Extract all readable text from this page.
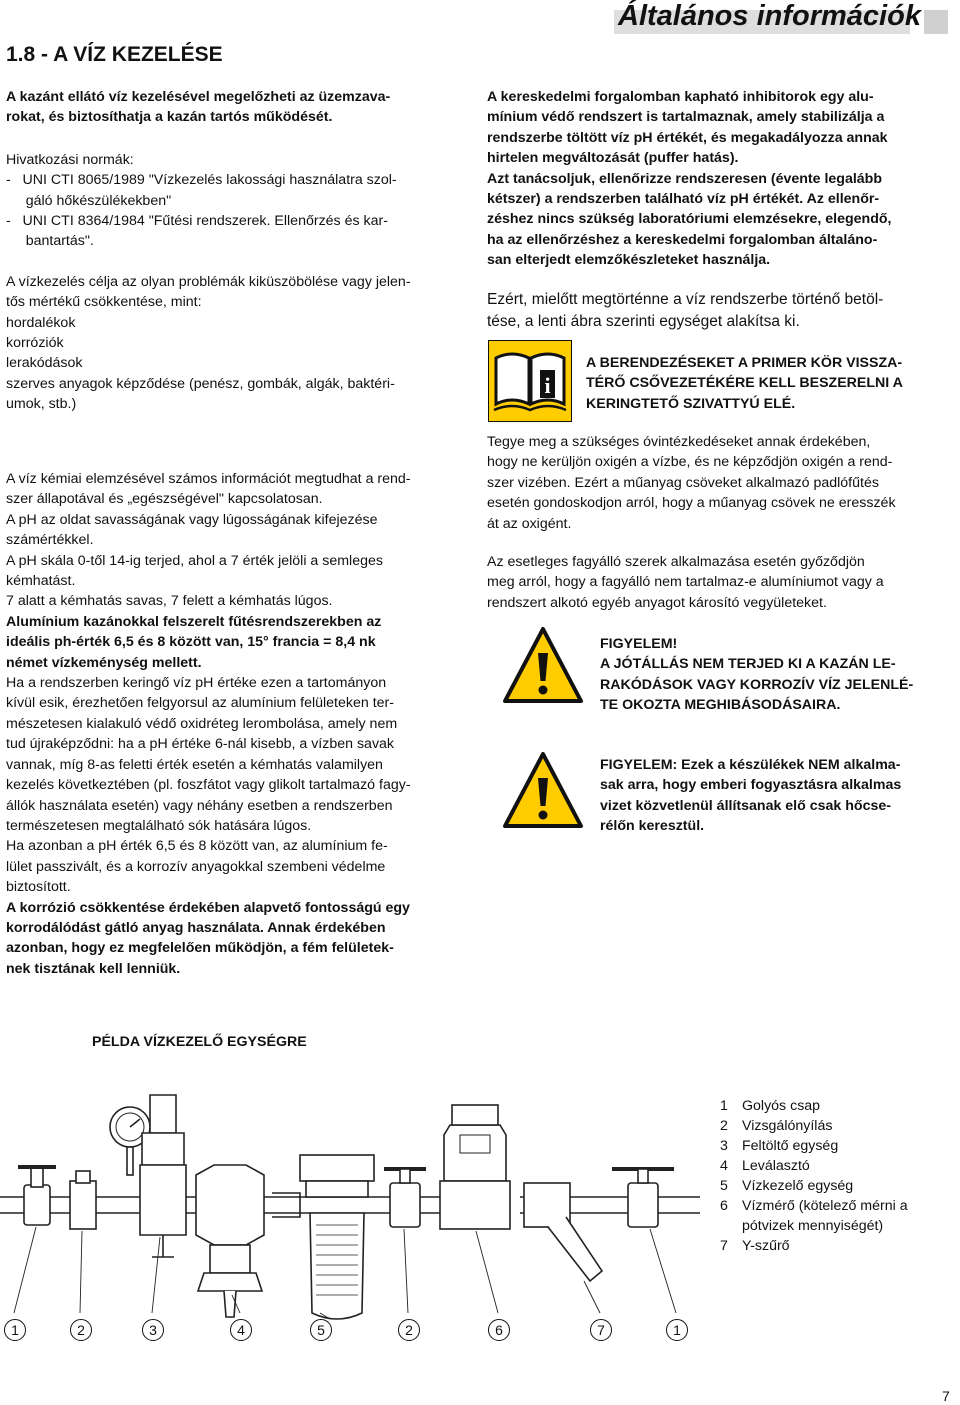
Általános információk
1.8 - A VÍZ KEZELÉSE

A kazánt ellátó víz kezelésével megelőzheti az üzemzava-

rokat, és biztosíthatja a kazán tartós működését.

Hivatkozási normák:

-   UNI CTI 8065/1989 "Vízkezelés lakossági használatra szol-

gáló hőkészülékekben"

-   UNI CTI 8364/1984 "Fűtési rendszerek. Ellenőrzés és kar-

bantartás".

A vízkezelés célja az olyan problémák kiküszöbölése vagy jelen-

tős mértékű csökkentése, mint:

hordalékok

korróziók

lerakódások

szerves anyagok képződése (penész, gombák, algák, baktéri-

umok, stb.)

A víz kémiai elemzésével számos információt megtudhat a rend-

szer állapotával és „egészségével" kapcsolatosan.

A pH az oldat savasságának vagy lúgosságának kifejezése

számértékkel.

A pH skála 0-től 14-ig terjed, ahol a 7 érték jelöli a semleges

kémhatást.

7 alatt a kémhatás savas, 7 felett a kémhatás lúgos.

Alumínium kazánokkal felszerelt fűtésrendszerekben az

ideális ph-érték 6,5 és 8 között van, 15° francia = 8,4 nk

német vízkeménység mellett.

Ha a rendszerben keringő víz pH értéke ezen a tartományon

kívül esik, érezhetően felgyorsul az alumínium felületeken ter-

mészetesen kialakuló védő oxidréteg lerombolása, amely nem

tud újraképződni: ha a pH értéke 6-nál kisebb, a vízben savak

vannak, míg 8-as feletti érték esetén a kémhatás valamilyen

kezelés következtében (pl. foszfátot vagy glikolt tartalmazó fagy-

állók használata esetén) vagy néhány esetben a rendszerben

természetesen megtalálható sók hatására lúgos.

Ha azonban a pH érték 6,5 és 8 között van, az alumínium fe-

lület passzivált, és a korrozív anyagokkal szembeni védelme

biztosított.

A korrózió csökkentése érdekében alapvető fontosságú egy

korrodálódást gátló anyag használata. Annak érdekében

azonban, hogy ez megfelelően működjön, a fém felületek-

nek tisztának kell lenniük.

A kereskedelmi forgalomban kapható inhibitorok egy alu-

mínium védő rendszert is tartalmaznak, amely stabilizálja a

rendszerbe töltött víz pH értékét, és megakadályozza annak

hirtelen megváltozását (puffer hatás).

Azt tanácsoljuk, ellenőrizze rendszeresen (évente legalább

kétszer) a rendszerben található víz pH értékét. Az ellenőr-

zéshez nincs szükség laboratóriumi elemzésekre, elegendő,

ha az ellenőrzéshez a kereskedelmi forgalomban általáno-

san elterjedt elemzőkészleteket használja.

Ezért, mielőtt megtörténne a víz rendszerbe történő betöl-

tése, a lenti ábra szerinti egységet alakítsa ki.

i

A BERENDEZÉSEKET A PRIMER KÖR VISSZA-

TÉRŐ CSŐVEZETÉKÉRE KELL BESZERELNI A

KERINGTETŐ SZIVATTYÚ ELÉ.

Tegye meg a szükséges óvintézkedéseket annak érdekében,

hogy ne kerüljön oxigén a vízbe, és ne képződjön oxigén a rend-

szer vizében. Ezért a műanyag csöveket alkalmazó padlófűtés

esetén gondoskodjon arról, hogy a műanyag csövek ne eresszék

át az oxigént.

Az esetleges fagyálló szerek alkalmazása esetén győződjön

meg arról, hogy a fagyálló nem tartalmaz-e alumíniumot vagy a

rendszert alkotó egyéb anyagot károsító vegyületeket.

FIGYELEM!

A JÓTÁLLÁS NEM TERJED KI A KAZÁN LE-

RAKÓDÁSOK VAGY KORROZÍV VÍZ JELENLÉ-

TE OKOZTA MEGHIBÁSODÁSAIRA.

FIGYELEM: Ezek a készülékek NEM alkalma-

sak arra, hogy emberi fogyasztásra alkalmas

vizet közvetlenül állítsanak elő csak hőcse-

rélőn keresztül.

PÉLDA VÍZKEZELŐ EGYSÉGRE
1	2	3	4	5	2	6	7	1
1 Golyós csap
2 Vizsgálónyílás
3 Feltöltő egység
4 Leválasztó
5 Vízkezelő egység
6 Vízmérő (kötelező mérni a
pótvizek mennyiségét)
7 Y-szűrő
7
